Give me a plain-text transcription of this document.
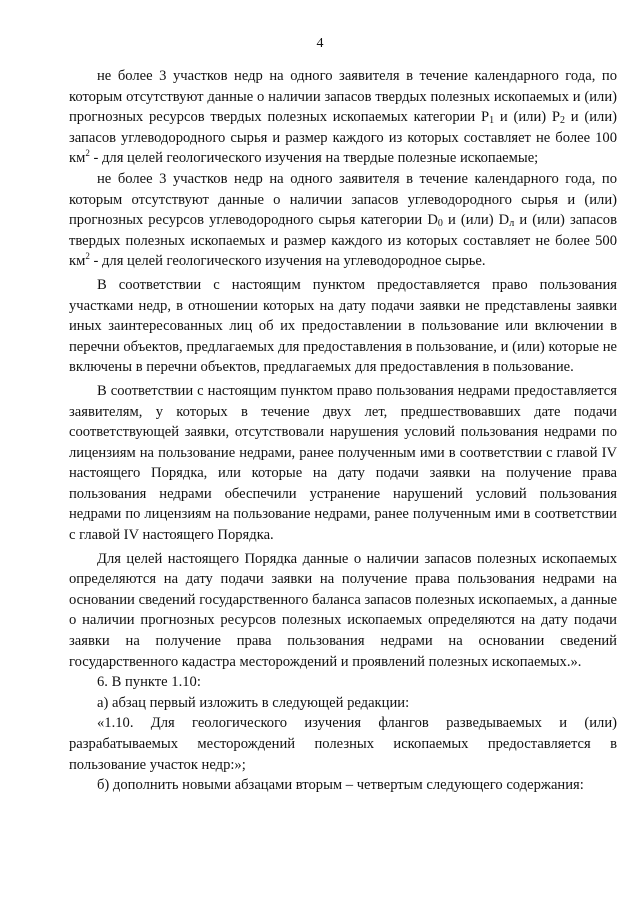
4

не более 3 участков недр на одного заявителя в течение календарного года, по которым отсутствуют данные о наличии запасов твердых полезных ископаемых и (или) прогнозных ресурсов твердых полезных ископаемых категории $Р_1$ и (или) $Р_2$ и (или) запасов углеводородного сырья и размер каждого из которых составляет не более 100 $км^2$ - для целей геологического изучения на твердые полезные ископаемые;

не более 3 участков недр на одного заявителя в течение календарного года, по которым отсутствуют данные о наличии запасов углеводородного сырья и (или) прогнозных ресурсов углеводородного сырья категории $D_0$ и (или) $D_л$ и (или) запасов твердых полезных ископаемых и размер каждого из которых составляет не более 500 $км^2$ - для целей геологического изучения на углеводородное сырье.

В соответствии с настоящим пунктом предоставляется право пользования участками недр, в отношении которых на дату подачи заявки не представлены заявки иных заинтересованных лиц об их предоставлении в пользование или включении в перечни объектов, предлагаемых для предоставления в пользование, и (или) которые не включены в перечни объектов, предлагаемых для предоставления в пользование.

В соответствии с настоящим пунктом право пользования недрами предоставляется заявителям, у которых в течение двух лет, предшествовавших дате подачи соответствующей заявки, отсутствовали нарушения условий пользования недрами по лицензиям на пользование недрами, ранее полученным ими в соответствии с главой IV настоящего Порядка, или которые на дату подачи заявки на получение права пользования недрами обеспечили устранение нарушений условий пользования недрами по лицензиям на пользование недрами, ранее полученным ими в соответствии с главой IV настоящего Порядка.

Для целей настоящего Порядка данные о наличии запасов полезных ископаемых определяются на дату подачи заявки на получение права пользования недрами на основании сведений государственного баланса запасов полезных ископаемых, а данные о наличии прогнозных ресурсов полезных ископаемых определяются на дату подачи заявки на получение права пользования недрами на основании сведений государственного кадастра месторождений и проявлений полезных ископаемых.».

6. В пункте 1.10:

а) абзац первый изложить в следующей редакции:

«1.10. Для геологического изучения флангов разведываемых и (или) разрабатываемых месторождений полезных ископаемых предоставляется в пользование участок недр:»;

б) дополнить новыми абзацами вторым – четвертым следующего содержания:
